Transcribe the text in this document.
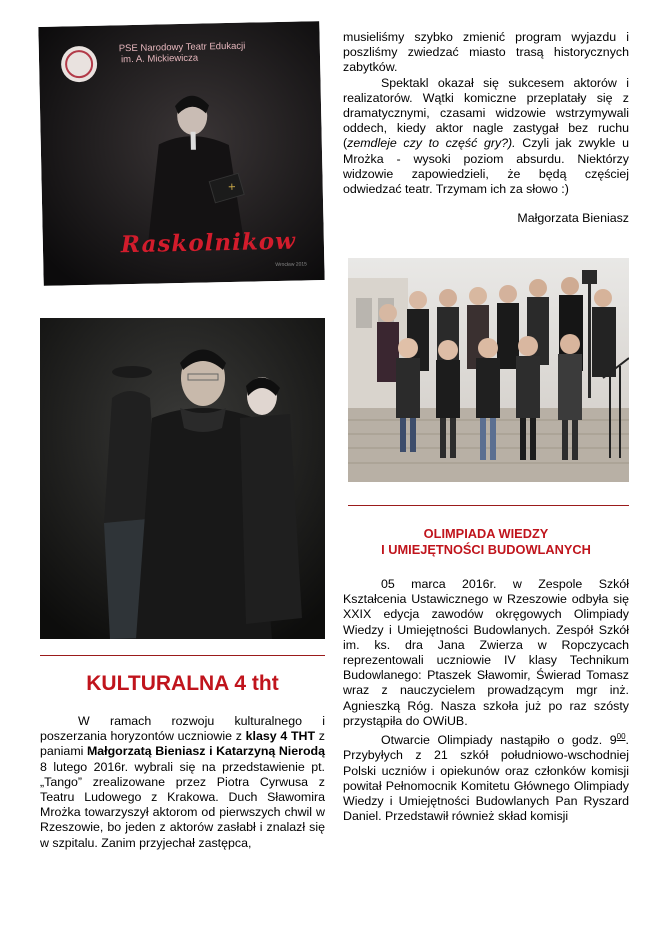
+
PSE Narodowy Teatr Edukacji
im. A. Mickiewicza
Raskolnikow
Wrocław 2015
KULTURALNA 4 tht
W ramach rozwoju kulturalnego i poszerzania horyzontów uczniowie z klasy 4 THT z paniami Małgorzatą Bieniasz i Katarzyną Nierodą 8 lutego 2016r. wybrali się na przedstawienie pt. „Tango” zrealizowane przez Piotra Cyrwusa z Teatru Ludowego z Krakowa. Duch Sławomira Mrożka towarzyszył aktorom od pierwszych chwil w Rzeszowie, bo jeden z aktorów zasłabł i znalazł się w szpitalu. Zanim przyjechał zastępca,
musieliśmy szybko zmienić program wyjazdu i poszliśmy zwiedzać miasto trasą historycznych zabytków.
Spektakl okazał się sukcesem aktorów i realizatorów. Wątki komiczne przeplatały się z dramatycznymi, czasami widzowie wstrzymywali oddech, kiedy aktor nagle zastygał bez ruchu (zemdleje czy to część gry?). Czyli jak zwykle u Mrożka - wysoki poziom absurdu. Niektórzy widzowie zapowiedzieli, że będą częściej odwiedzać teatr. Trzymam ich za słowo :)
Małgorzata Bieniasz
OLIMPIADA WIEDZY
I UMIEJĘTNOŚCI BUDOWLANYCH
05 marca 2016r. w Zespole Szkół Kształcenia Ustawicznego w Rzeszowie odbyła się XXIX edycja zawodów okręgowych Olimpiady Wiedzy i Umiejętności Budowlanych. Zespół Szkół im. ks. dra Jana Zwierza w Ropczycach reprezentowali uczniowie IV klasy Technikum Budowlanego: Ptaszek Sławomir, Świerad Tomasz wraz z nauczycielem prowadzącym mgr inż. Agnieszką Róg. Nasza szkoła już po raz szósty przystąpiła do OWiUB.
Otwarcie Olimpiady nastąpiło o godz. $9^{00}$. Przybyłych z 21 szkół południowo-wschodniej Polski uczniów i opiekunów oraz członków komisji powitał Pełnomocnik Komitetu Głównego Olimpiady Wiedzy i Umiejętności Budowlanych Pan Ryszard Daniel. Przedstawił również skład komisji
